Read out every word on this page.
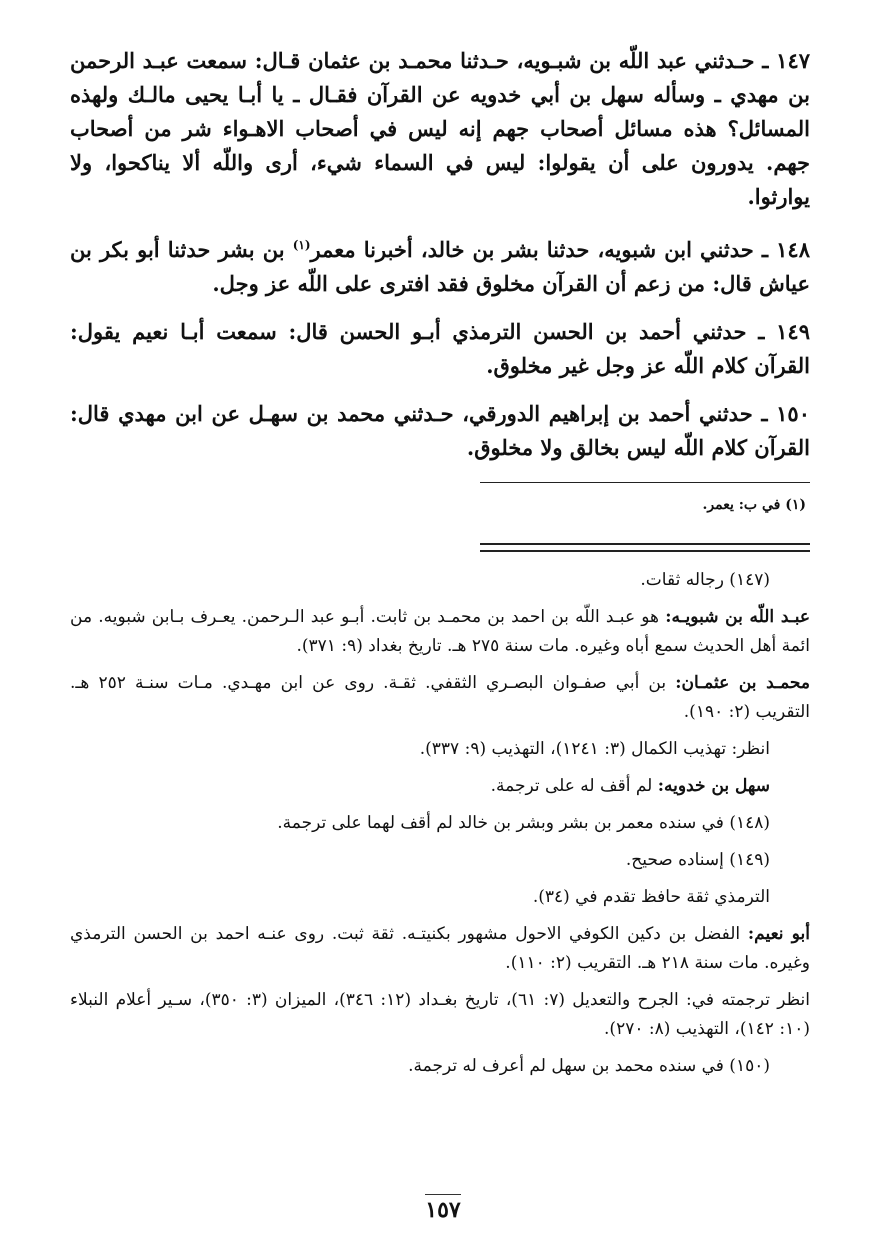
١٤٧ ـ حـدثني عبد اللّه بن شبـويه، حـدثنا محمـد بن عثمان قـال: سمعت عبـد الرحمن بن مهدي ـ وسأله سهل بن أبي خدويه عن القرآن فقـال ـ يا أبـا يحيى مالـك ولهذه المسائل؟ هذه مسائل أصحاب جهم إنه ليس في أصحاب الاهـواء شر من أصحاب جهم. يدورون على أن يقولوا: ليس في السماء شيء، أرى واللّه ألا يناكحوا، ولا يوارثوا.

١٤٨ ـ حدثني ابن شبويه، حدثنا بشر بن خالد، أخبرنا معمر$^{(١)}$ بن بشر حدثنا أبو بكر بن عياش قال: من زعم أن القرآن مخلوق فقد افترى على اللّه عز وجل.

١٤٩ ـ حدثني أحمد بن الحسن الترمذي أبـو الحسن قال: سمعت أبـا نعيم يقول: القرآن كلام اللّه عز وجل غير مخلوق.

١٥٠ ـ حدثني أحمد بن إبراهيم الدورقي، حـدثني محمد بن سهـل عن ابن مهدي قال: القرآن كلام اللّه ليس بخالق ولا مخلوق.

(١) في ب: يعمر.

(١٤٧) رجاله ثقات.

عبـد اللّه بن شبويـه: هو عبـد اللّه بن احمد بن محمـد بن ثابت. أبـو عبد الـرحمن. يعـرف بـابن شبويه. من ائمة أهل الحديث سمع أباه وغيره. مات سنة ٢٧٥ هـ. تاريخ بغداد (٩: ٣٧١).

محمـد بن عثمـان: بن أبي صفـوان البصـري الثقفي. ثقـة. روى عن ابن مهـدي. مـات سنـة ٢٥٢ هـ. التقريب (٢: ١٩٠).

انظر: تهذيب الكمال (٣: ١٢٤١)، التهذيب (٩: ٣٣٧).

سهل بن خدويه: لم أقف له على ترجمة.

(١٤٨) في سنده معمر بن بشر وبشر بن خالد لم أقف لهما على ترجمة.

(١٤٩) إسناده صحيح.

الترمذي ثقة حافظ تقدم في (٣٤).

أبو نعيم: الفضل بن دكين الكوفي الاحول مشهور بكنيتـه. ثقة ثبت. روى عنـه احمد بن الحسن الترمذي وغيره. مات سنة ٢١٨ هـ. التقريب (٢: ١١٠).

انظر ترجمته في: الجرح والتعديل (٧: ٦١)، تاريخ بغـداد (١٢: ٣٤٦)، الميزان (٣: ٣٥٠)، سـير أعلام النبلاء (١٠: ١٤٢)، التهذيب (٨: ٢٧٠).

(١٥٠) في سنده محمد بن سهل لم أعرف له ترجمة.

١٥٧
